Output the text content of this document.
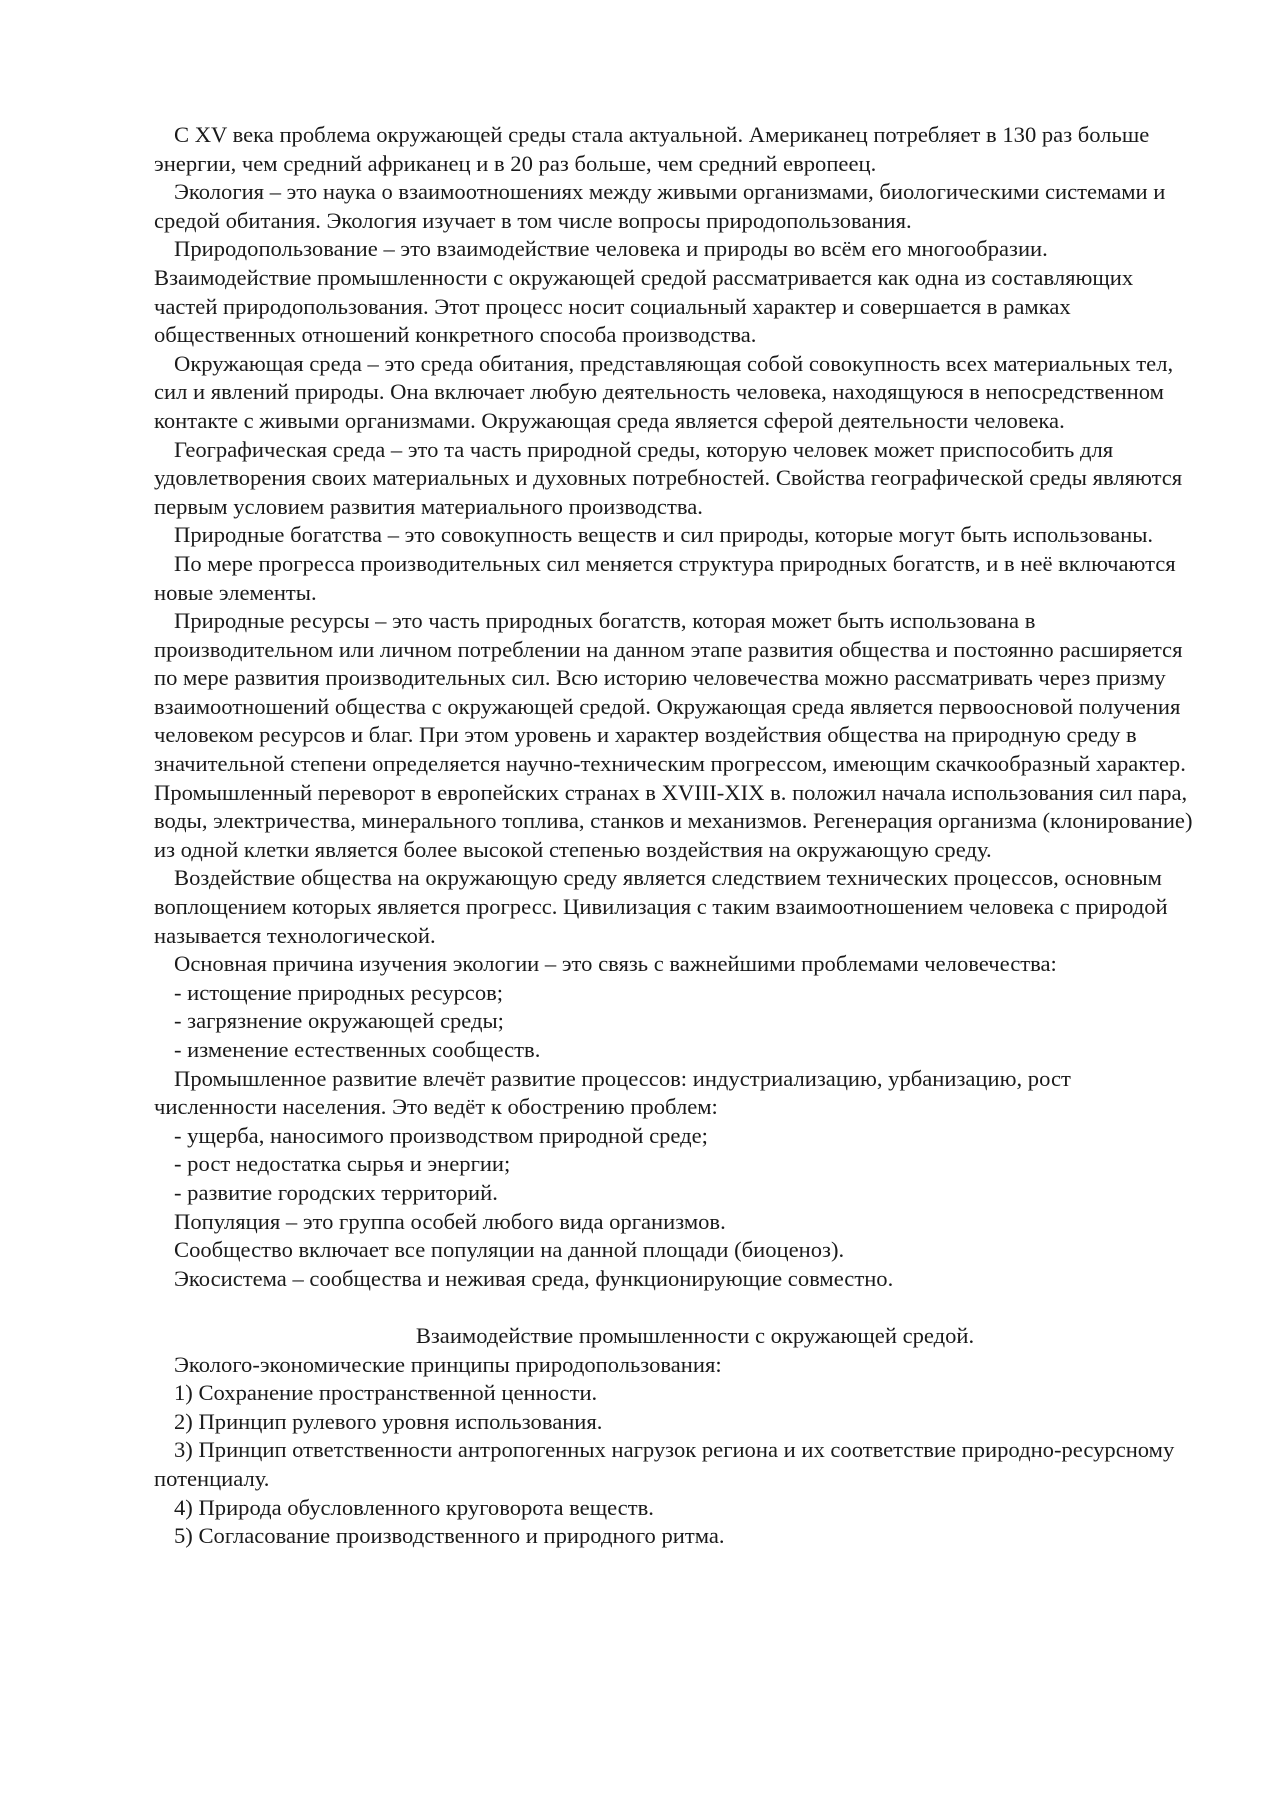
С XV века проблема окружающей среды стала актуальной. Американец потребляет в 130 раз больше энергии, чем средний африканец и в 20 раз больше, чем средний европеец.

Экология – это наука о взаимоотношениях между живыми организмами, биологическими системами и средой обитания. Экология изучает в том числе вопросы природопользования.

Природопользование – это взаимодействие человека и природы во всём его многообразии. Взаимодействие промышленности с окружающей средой рассматривается как одна из составляющих частей природопользования. Этот процесс носит социальный характер и совершается в рамках общественных отношений конкретного способа производства.

Окружающая среда – это среда обитания, представляющая собой совокупность всех материальных тел, сил и явлений природы. Она включает любую деятельность человека, находящуюся в непосредственном контакте с живыми организмами. Окружающая среда является сферой деятельности человека.

Географическая среда – это та часть природной среды, которую человек может приспособить для удовлетворения своих материальных и духовных потребностей. Свойства географической среды являются первым условием развития материального производства.

Природные богатства – это совокупность веществ и сил природы, которые могут быть использованы.

По мере прогресса производительных сил меняется структура природных богатств, и в неё включаются новые элементы.

Природные ресурсы – это часть природных богатств, которая может быть использована в производительном или личном потреблении на данном этапе развития общества и постоянно расширяется по мере развития производительных сил. Всю историю человечества можно рассматривать через призму взаимоотношений общества с окружающей средой. Окружающая среда является первоосновой получения человеком ресурсов и благ. При этом уровень и характер воздействия общества на природную среду в значительной степени определяется научно-техническим прогрессом, имеющим скачкообразный характер. Промышленный переворот в европейских странах в XVIII-XIX в. положил начала использования сил пара, воды, электричества, минерального топлива, станков и механизмов. Регенерация организма (клонирование) из одной клетки является более высокой степенью воздействия на окружающую среду.

Воздействие общества на окружающую среду является следствием технических процессов, основным воплощением которых является прогресс. Цивилизация с таким взаимоотношением человека с природой называется технологической.

Основная причина изучения экологии – это связь с важнейшими проблемами человечества:

- истощение природных ресурсов;

- загрязнение окружающей среды;

- изменение естественных сообществ.

Промышленное развитие влечёт развитие процессов: индустриализацию, урбанизацию, рост численности населения. Это ведёт к обострению проблем:

- ущерба, наносимого производством природной среде;

- рост недостатка сырья и энергии;

- развитие городских территорий.

Популяция – это группа особей любого вида организмов.

Сообщество включает все популяции на данной площади (биоценоз).

Экосистема – сообщества и неживая среда, функционирующие совместно.

Взаимодействие промышленности с окружающей средой.

Эколого-экономические принципы природопользования:

1) Сохранение пространственной ценности.

2) Принцип рулевого уровня использования.

3) Принцип ответственности антропогенных нагрузок региона и их соответствие природно-ресурсному потенциалу.

4) Природа обусловленного круговорота веществ.

5) Согласование производственного и природного ритма.
